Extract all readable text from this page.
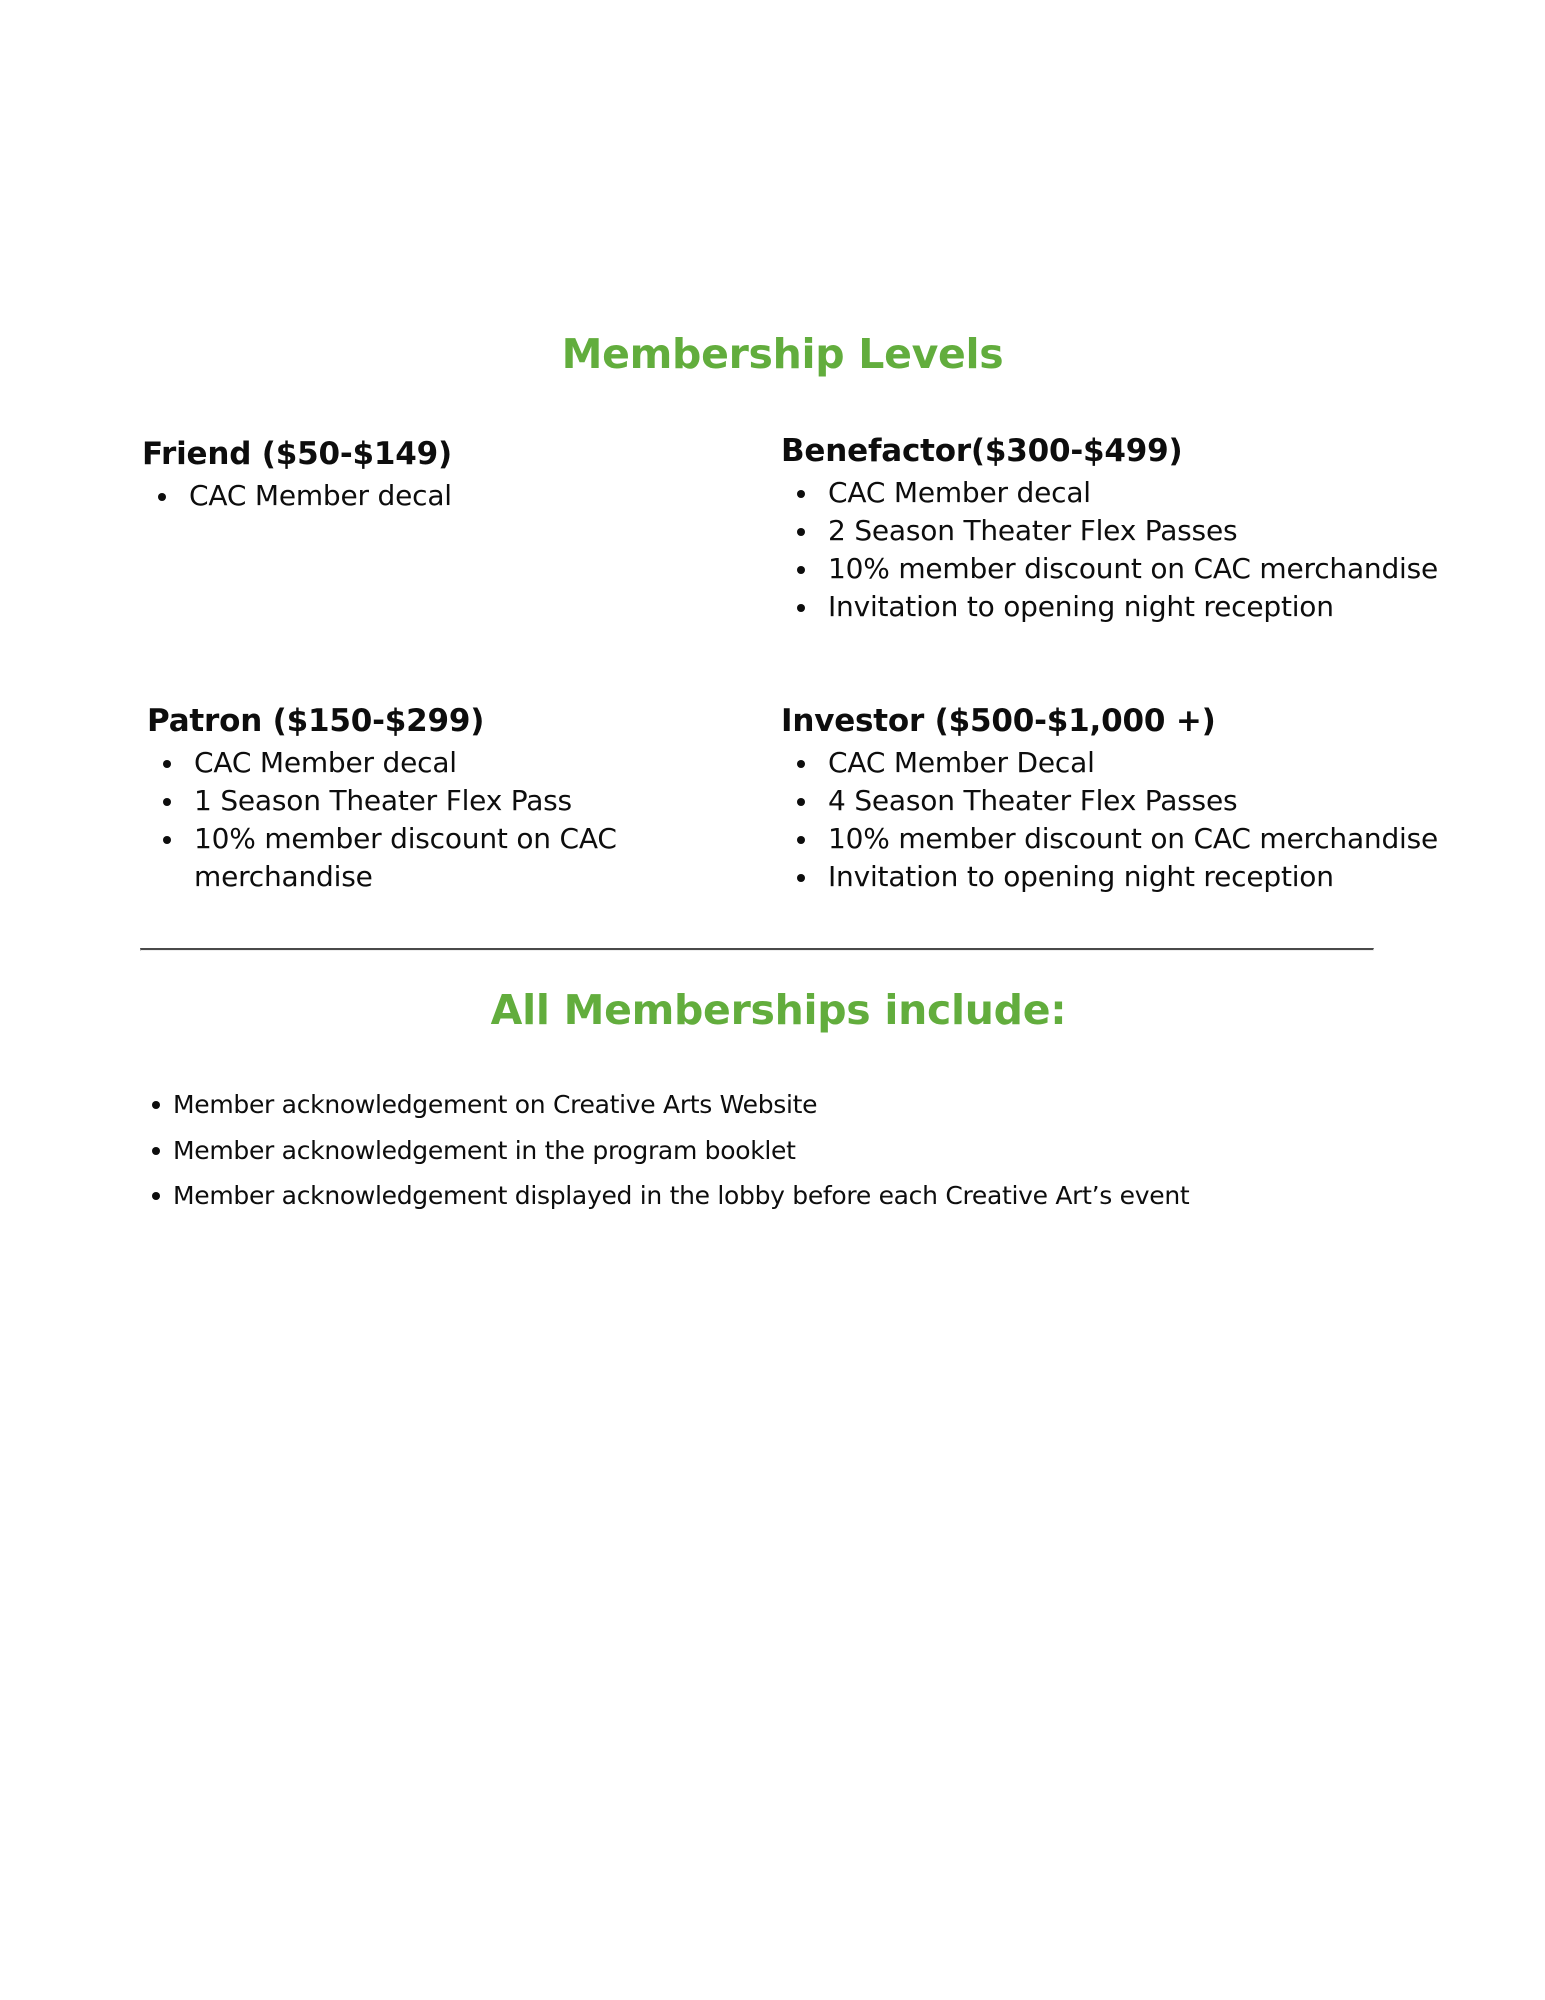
Membership Levels
Friend ($50-$149)
CAC Member decal
Benefactor($300-$499)
CAC Member decal
2 Season Theater Flex Passes
10% member discount on CAC merchandise
Invitation to opening night reception
Patron ($150-$299)
CAC Member decal
1 Season Theater Flex Pass
10% member discount on CAC merchandise
Investor ($500-$1,000 +)
CAC Member Decal
4 Season Theater Flex Passes
10% member discount on CAC merchandise
Invitation to opening night reception
All Memberships include:
Member acknowledgement on Creative Arts Website
Member acknowledgement in the program booklet
Member acknowledgement displayed in the lobby before each Creative Art’s event
